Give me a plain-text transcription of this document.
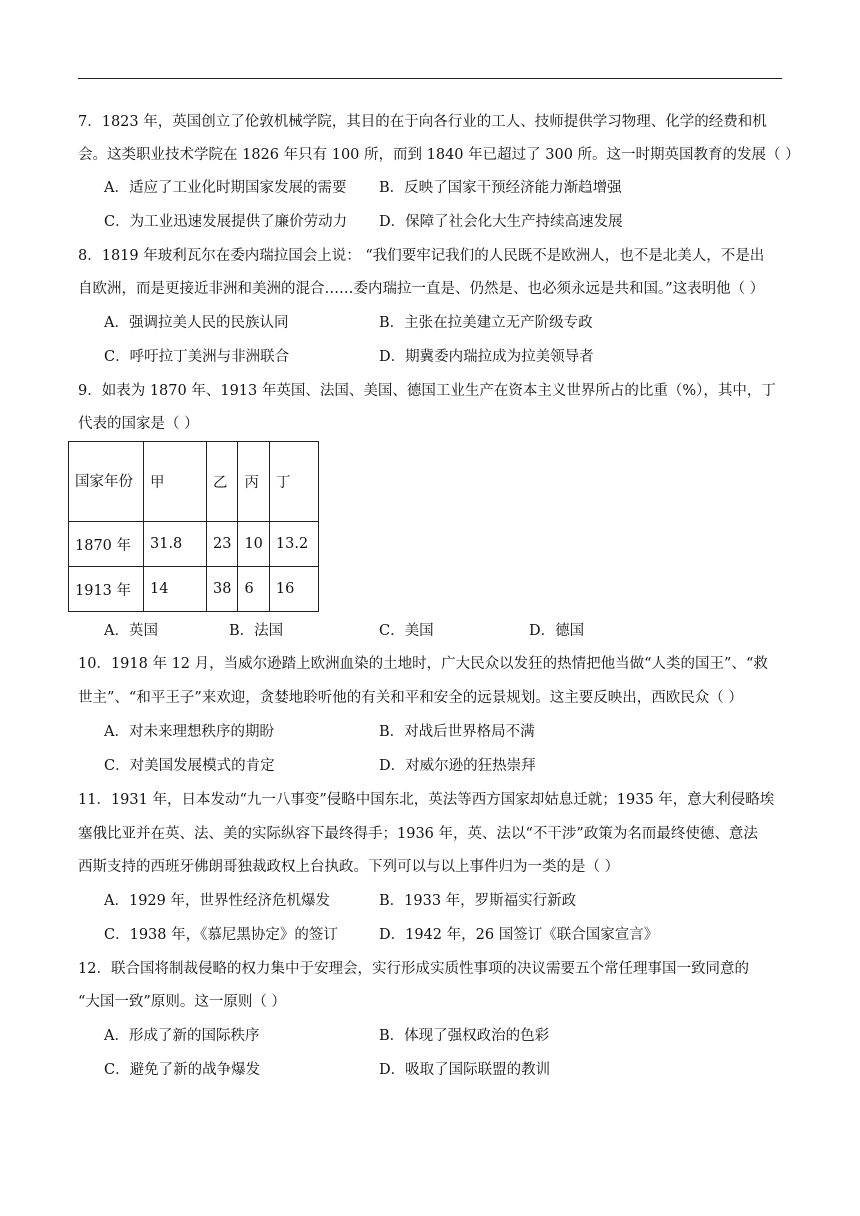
7．1823 年，英国创立了伦敦机械学院，其目的在于向各行业的工人、技师提供学习物理、化学的经费和机
会。这类职业技术学院在 1826 年只有 100 所，而到 1840 年已超过了 300 所。这一时期英国教育的发展（ ）
A．适应了工业化时期国家发展的需要 B．反映了国家干预经济能力渐趋增强
C．为工业迅速发展提供了廉价劳动力 D．保障了社会化大生产持续高速发展
8．1819 年玻利瓦尔在委内瑞拉国会上说： “我们要牢记我们的人民既不是欧洲人，也不是北美人，不是出
自欧洲，而是更接近非洲和美洲的混合……委内瑞拉一直是、仍然是、也必须永远是共和国。”这表明他（ ）
A．强调拉美人民的民族认同	B．主张在拉美建立无产阶级专政
C．呼吁拉丁美洲与非洲联合	D．期冀委内瑞拉成为拉美领导者
9．如表为 1870 年、1913 年英国、法国、美国、德国工业生产在资本主义世界所占的比重（%），其中，丁
代表的国家是（ ）
国家年份	甲	乙	丙	丁
1870 年	31.8	23	10	13.2
1913 年	14	38	6	16
A．英国	B．法国	C．美国	D．德国
10．1918 年 12 月，当威尔逊踏上欧洲血染的土地时，广大民众以发狂的热情把他当做“人类的国王”、“救
世主”、“和平王子”来欢迎，贪婪地聆听他的有关和平和安全的远景规划。这主要反映出，西欧民众（ ）
A．对未来理想秩序的期盼	B．对战后世界格局不满
C．对美国发展模式的肯定	D．对威尔逊的狂热崇拜
11．1931 年，日本发动“九一八事变”侵略中国东北，英法等西方国家却姑息迁就；1935 年，意大利侵略埃
塞俄比亚并在英、法、美的实际纵容下最终得手；1936 年，英、法以“不干涉”政策为名而最终使德、意法
西斯支持的西班牙佛朗哥独裁政权上台执政。下列可以与以上事件归为一类的是（ ）
A．1929 年，世界性经济危机爆发	B．1933 年，罗斯福实行新政
C．1938 年，《慕尼黑协定》的签订	D．1942 年，26 国签订《联合国家宣言》
12．联合国将制裁侵略的权力集中于安理会，实行形成实质性事项的决议需要五个常任理事国一致同意的
“大国一致”原则。这一原则（ ）
A．形成了新的国际秩序	B．体现了强权政治的色彩
C．避免了新的战争爆发	D．吸取了国际联盟的教训
